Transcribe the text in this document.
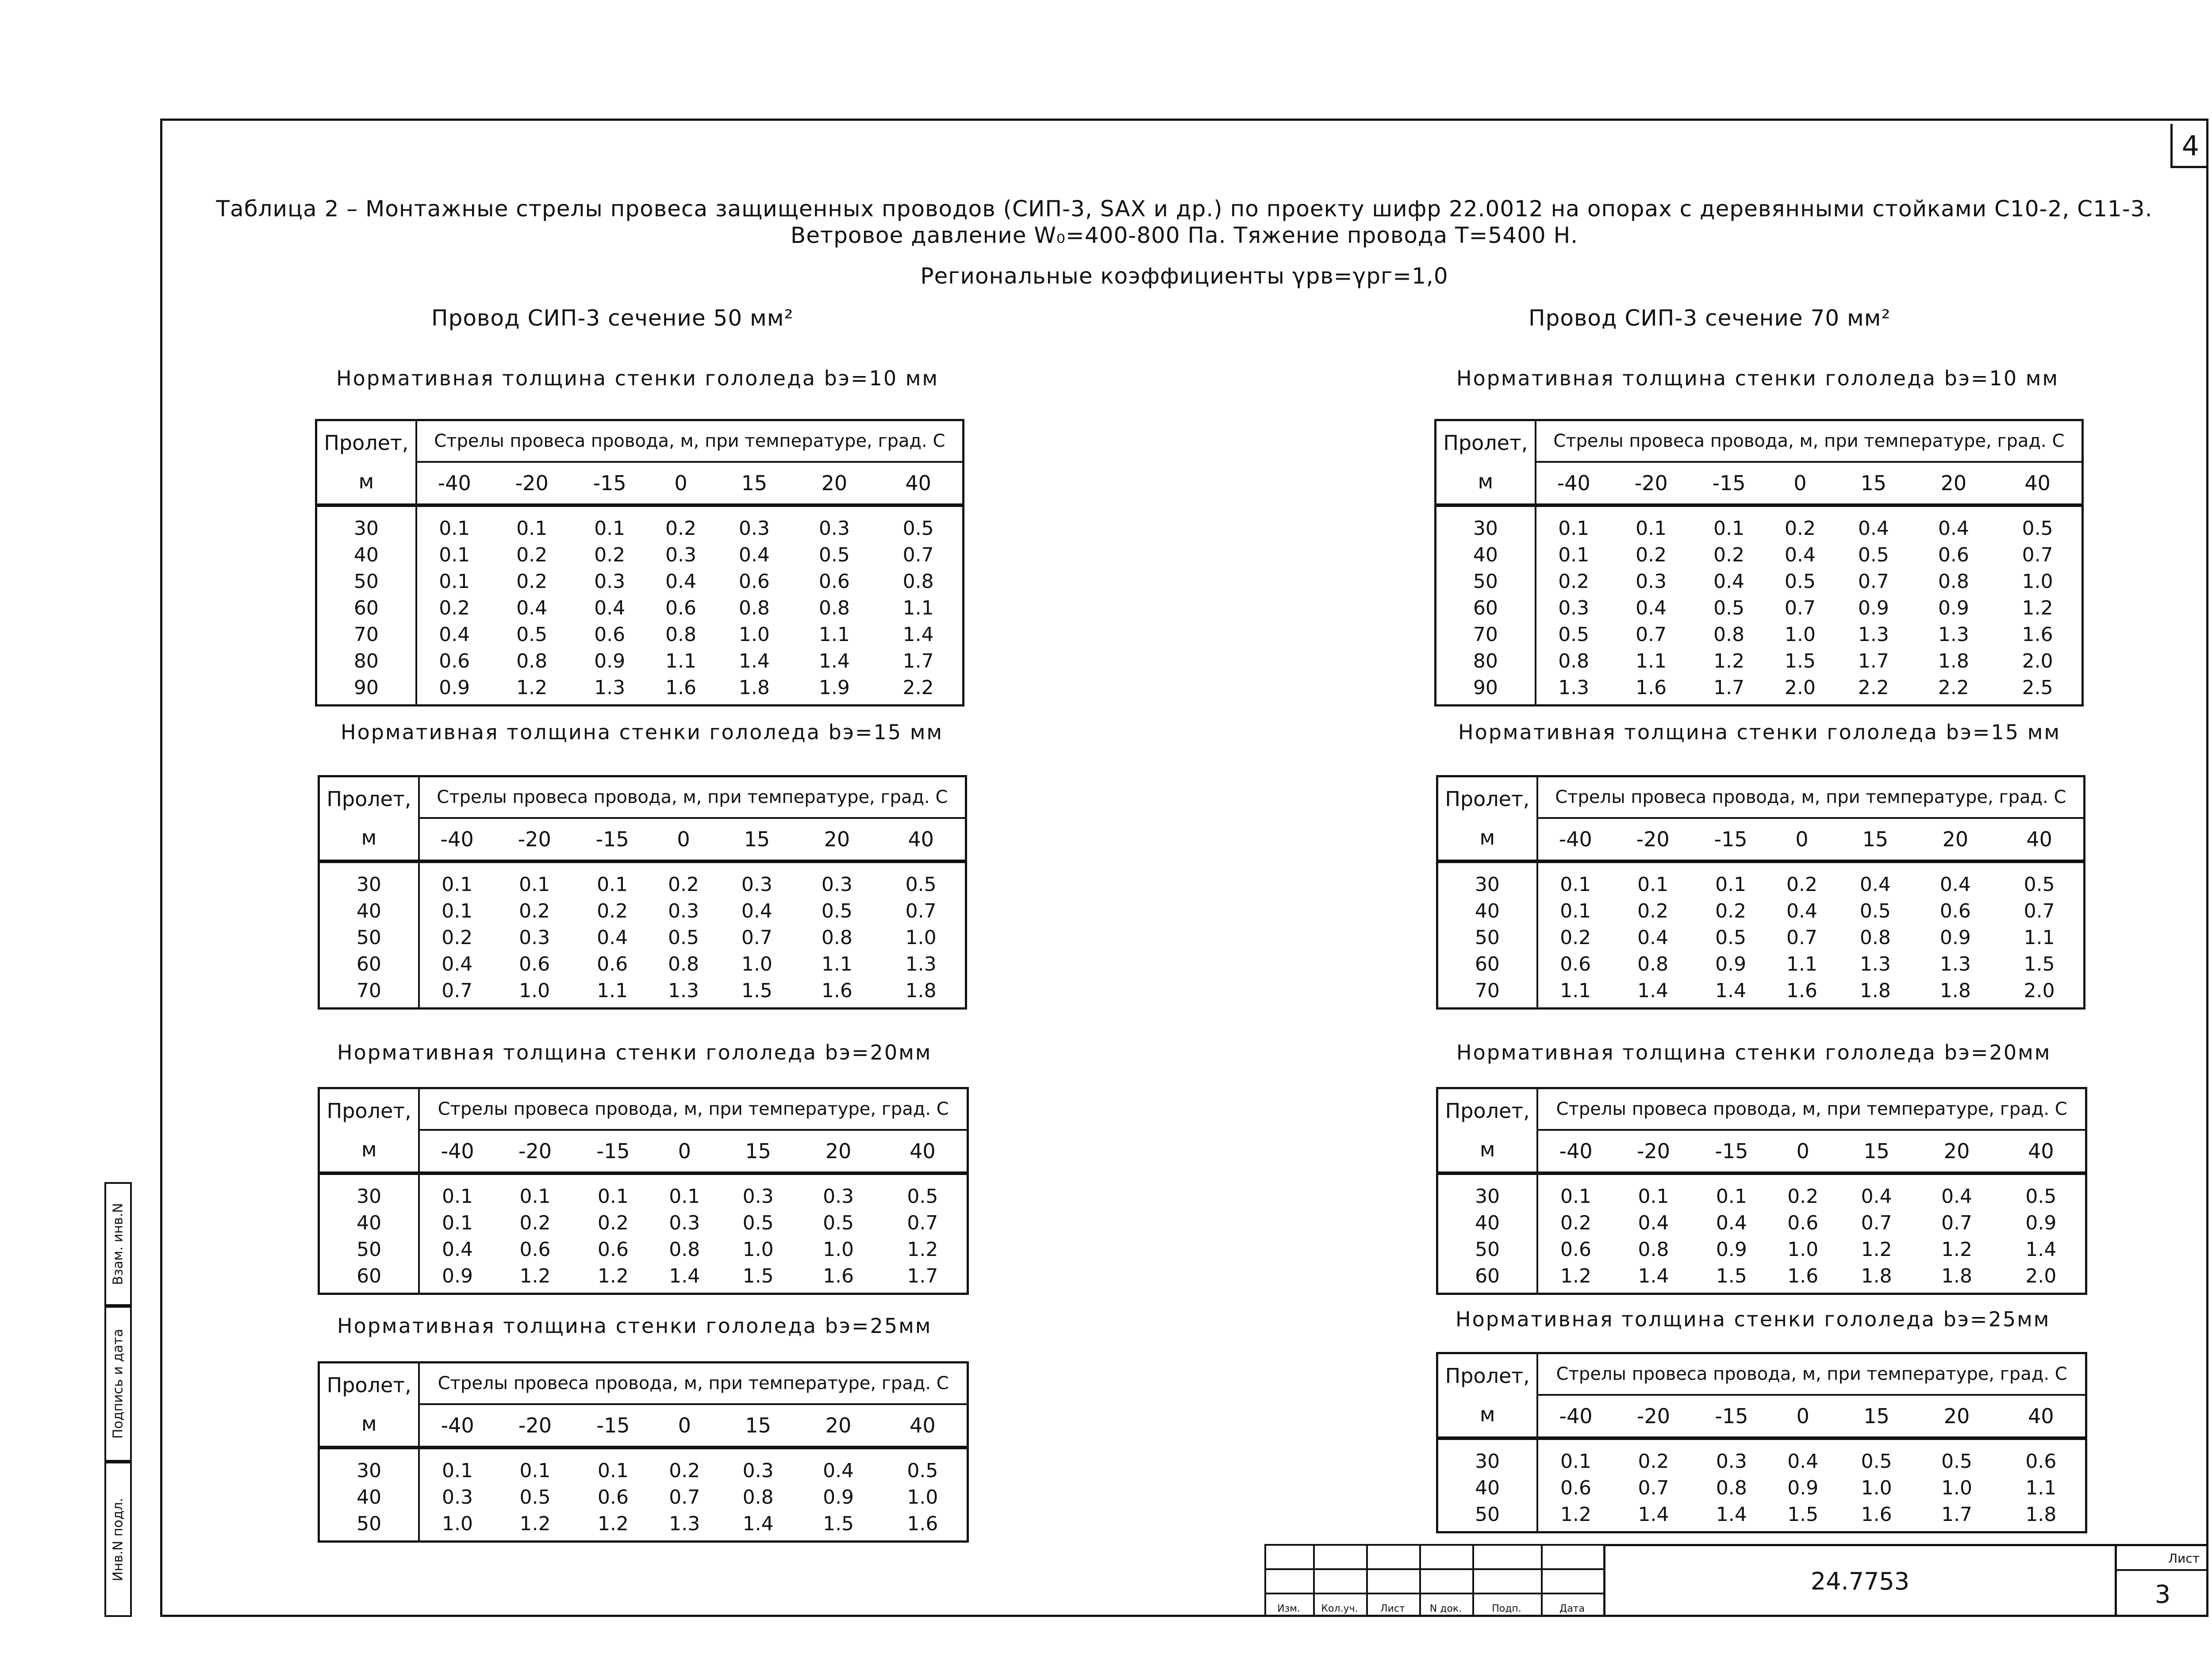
4
Таблица 2 – Монтажные стрелы провеса защищенных проводов (СИП-3, SAX и др.) по проекту шифр 22.0012 на опорах с деревянными стойками С10-2, С11-3.
Ветровое давление W₀=400-800 Па. Тяжение провода Т=5400 Н.
Региональные коэффициенты γрв=γрг=1,0
Провод СИП-3 сечение 50 мм²	Провод СИП-3 сечение 70 мм²
Нормативная толщина стенки гололеда bэ=10 мм
Пролет,
м	Стрелы провеса провода, м, при температуре, град. С						
	-40	-20	-15	0	15	20	40
30	0.1	0.1	0.1	0.2	0.3	0.3	0.5
40	0.1	0.2	0.2	0.3	0.4	0.5	0.7
50	0.1	0.2	0.3	0.4	0.6	0.6	0.8
60	0.2	0.4	0.4	0.6	0.8	0.8	1.1
70	0.4	0.5	0.6	0.8	1.0	1.1	1.4
80	0.6	0.8	0.9	1.1	1.4	1.4	1.7
90	0.9	1.2	1.3	1.6	1.8	1.9	2.2
Нормативная толщина стенки гололеда bэ=15 мм
Пролет,
м	Стрелы провеса провода, м, при температуре, град. С						
	-40	-20	-15	0	15	20	40
30	0.1	0.1	0.1	0.2	0.3	0.3	0.5
40	0.1	0.2	0.2	0.3	0.4	0.5	0.7
50	0.2	0.3	0.4	0.5	0.7	0.8	1.0
60	0.4	0.6	0.6	0.8	1.0	1.1	1.3
70	0.7	1.0	1.1	1.3	1.5	1.6	1.8
Нормативная толщина стенки гололеда bэ=20мм
Пролет,
м	Стрелы провеса провода, м, при температуре, град. С						
	-40	-20	-15	0	15	20	40
30	0.1	0.1	0.1	0.1	0.3	0.3	0.5
40	0.1	0.2	0.2	0.3	0.5	0.5	0.7
50	0.4	0.6	0.6	0.8	1.0	1.0	1.2
60	0.9	1.2	1.2	1.4	1.5	1.6	1.7
Нормативная толщина стенки гололеда bэ=25мм
Пролет,
м	Стрелы провеса провода, м, при температуре, град. С						
	-40	-20	-15	0	15	20	40
30	0.1	0.1	0.1	0.2	0.3	0.4	0.5
40	0.3	0.5	0.6	0.7	0.8	0.9	1.0
50	1.0	1.2	1.2	1.3	1.4	1.5	1.6
Нормативная толщина стенки гололеда bэ=10 мм
Пролет,
м	Стрелы провеса провода, м, при температуре, град. С						
	-40	-20	-15	0	15	20	40
30	0.1	0.1	0.1	0.2	0.4	0.4	0.5
40	0.1	0.2	0.2	0.4	0.5	0.6	0.7
50	0.2	0.3	0.4	0.5	0.7	0.8	1.0
60	0.3	0.4	0.5	0.7	0.9	0.9	1.2
70	0.5	0.7	0.8	1.0	1.3	1.3	1.6
80	0.8	1.1	1.2	1.5	1.7	1.8	2.0
90	1.3	1.6	1.7	2.0	2.2	2.2	2.5
Нормативная толщина стенки гололеда bэ=15 мм
Пролет,
м	Стрелы провеса провода, м, при температуре, град. С						
	-40	-20	-15	0	15	20	40
30	0.1	0.1	0.1	0.2	0.4	0.4	0.5
40	0.1	0.2	0.2	0.4	0.5	0.6	0.7
50	0.2	0.4	0.5	0.7	0.8	0.9	1.1
60	0.6	0.8	0.9	1.1	1.3	1.3	1.5
70	1.1	1.4	1.4	1.6	1.8	1.8	2.0
Нормативная толщина стенки гололеда bэ=20мм
Пролет,
м	Стрелы провеса провода, м, при температуре, град. С						
	-40	-20	-15	0	15	20	40
30	0.1	0.1	0.1	0.2	0.4	0.4	0.5
40	0.2	0.4	0.4	0.6	0.7	0.7	0.9
50	0.6	0.8	0.9	1.0	1.2	1.2	1.4
60	1.2	1.4	1.5	1.6	1.8	1.8	2.0
Нормативная толщина стенки гололеда bэ=25мм
Пролет,
м	Стрелы провеса провода, м, при температуре, град. С						
	-40	-20	-15	0	15	20	40
30	0.1	0.2	0.3	0.4	0.5	0.5	0.6
40	0.6	0.7	0.8	0.9	1.0	1.0	1.1
50	1.2	1.4	1.4	1.5	1.6	1.7	1.8
Взам. инв.N
Подпись и дата
Инв.N подл.
Изм.	Кол.уч.	Лист	N док.	Подп.	Дата
24.7753
Лист
3
